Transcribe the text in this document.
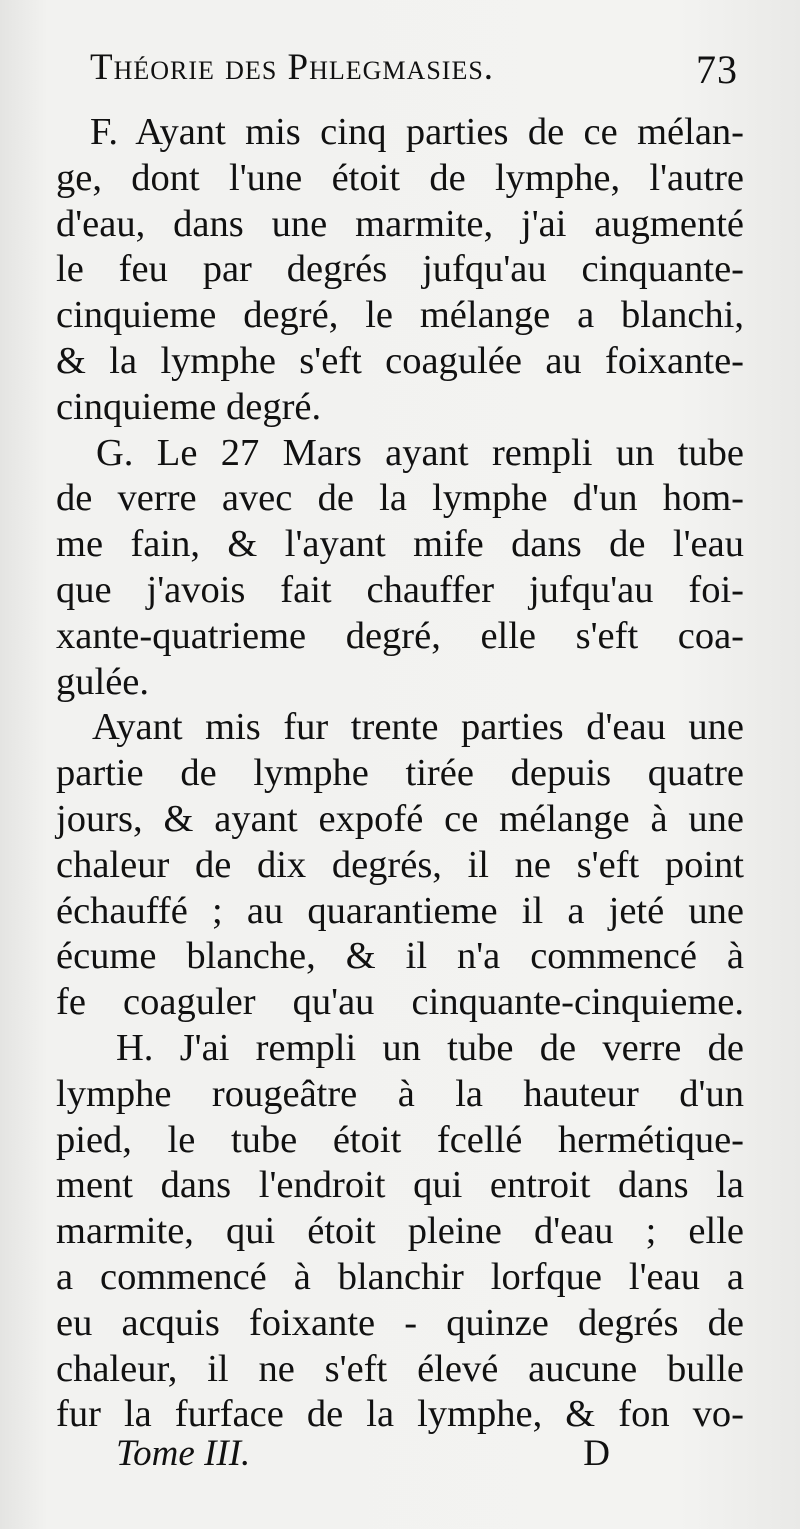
Théorie des Phlegmasies.	73
F. Ayant mis cinq parties de ce mélan-
ge, dont l'une étoit de lymphe, l'autre
d'eau, dans une marmite, j'ai augmenté
le feu par degrés jufqu'au cinquante-
cinquieme degré, le mélange a blanchi,
& la lymphe s'eft coagulée au foixante-
cinquieme degré.
G. Le 27 Mars ayant rempli un tube
de verre avec de la lymphe d'un hom-
me fain, & l'ayant mife dans de l'eau
que j'avois fait chauffer jufqu'au foi-
xante-quatrieme degré, elle s'eft coa-
gulée.
Ayant mis fur trente parties d'eau une
partie de lymphe tirée depuis quatre
jours, & ayant expofé ce mélange à une
chaleur de dix degrés, il ne s'eft point
échauffé ; au quarantieme il a jeté une
écume blanche, & il n'a commencé à
fe coaguler qu'au cinquante-cinquieme.
H. J'ai rempli un tube de verre de
lymphe rougeâtre à la hauteur d'un
pied, le tube étoit fcellé hermétique-
ment dans l'endroit qui entroit dans la
marmite, qui étoit pleine d'eau ; elle
a commencé à blanchir lorfque l'eau a
eu acquis foixante - quinze degrés de
chaleur, il ne s'eft élevé aucune bulle
fur la furface de la lymphe, & fon vo-
Tome III.	D
